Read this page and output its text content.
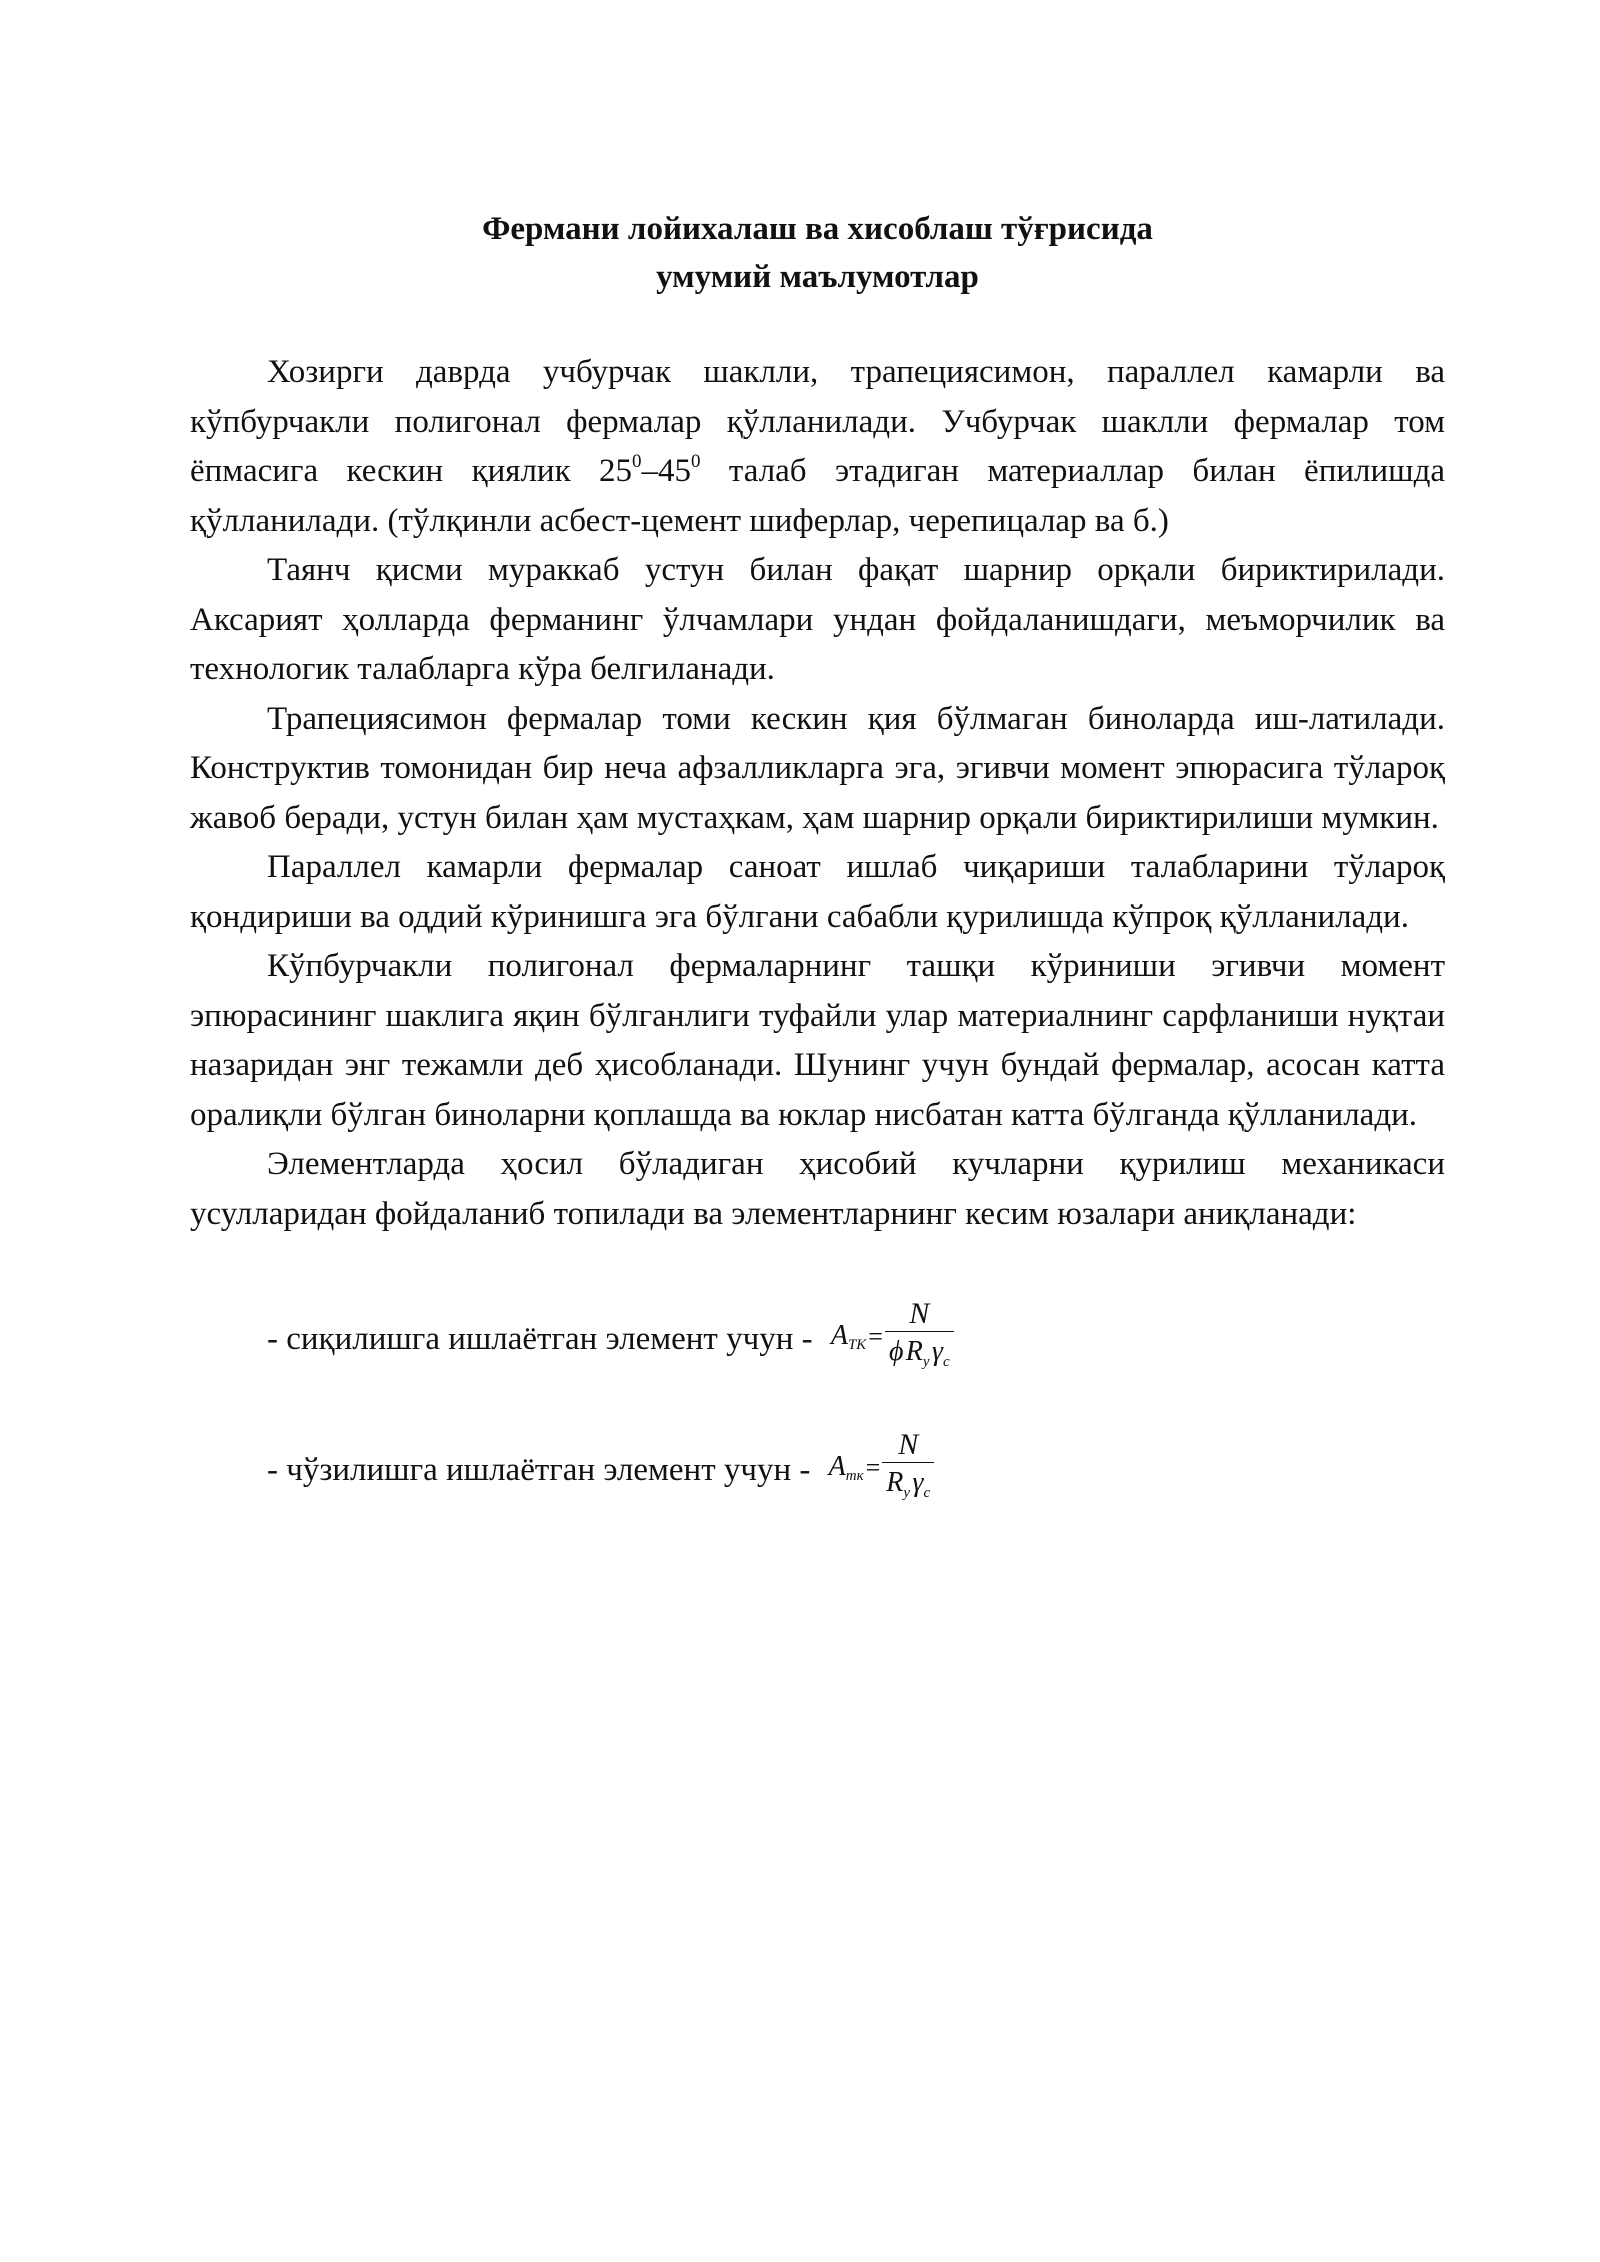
Фермани лойихалаш ва хисоблаш тўғрисида
умумий маълумотлар

Хозирги даврда учбурчак шаклли, трапециясимон, параллел камарли ва кўпбурчакли полигонал фермалар қўлланилади. Учбурчак шаклли фермалар том ёпмасига кескин қиялик $25^0-45^0$ талаб этадиган материаллар билан ёпилишда қўлланилади. (тўлқинли асбест-цемент шиферлар, черепицалар ва б.)

Таянч қисми мураккаб устун билан фақат шарнир орқали бириктирилади. Аксарият ҳолларда ферманинг ўлчамлари ундан фойдаланишдаги, меъморчилик ва технологик талабларга кўра белгиланади.

Трапециясимон фермалар томи кескин қия бўлмаган биноларда иш-латилади. Конструктив томонидан бир неча афзалликларга эга, эгивчи момент эпюрасига тўлароқ жавоб беради, устун билан ҳам мустаҳкам, ҳам шарнир орқали бириктирилиши мумкин.

Параллел камарли фермалар саноат ишлаб чиқариши талабларини тўлароқ қондириши ва оддий кўринишга эга бўлгани сабабли қурилишда кўпроқ қўлланилади.

Кўпбурчакли полигонал фермаларнинг ташқи кўриниши эгивчи момент эпюрасининг шаклига яқин бўлганлиги туфайли улар материалнинг сарфланиши нуқтаи назаридан энг тежамли деб ҳисобланади. Шунинг учун бундай фермалар, асосан катта оралиқли бўлган биноларни қоплашда ва юклар нисбатан катта бўлганда қўлланилади.

Элементларда ҳосил бўладиган ҳисобий кучларни қурилиш механикаси усулларидан фойдаланиб топилади ва элементларнинг кесим юзалари аниқланади:

- сиқилишга ишлаётган элемент учун - $A_{ТК} = \frac{N}{\phi R_y \gamma_c}$
- чўзилишга ишлаётган элемент учун - $A_{тк} = \frac{N}{R_y \gamma_c}$
